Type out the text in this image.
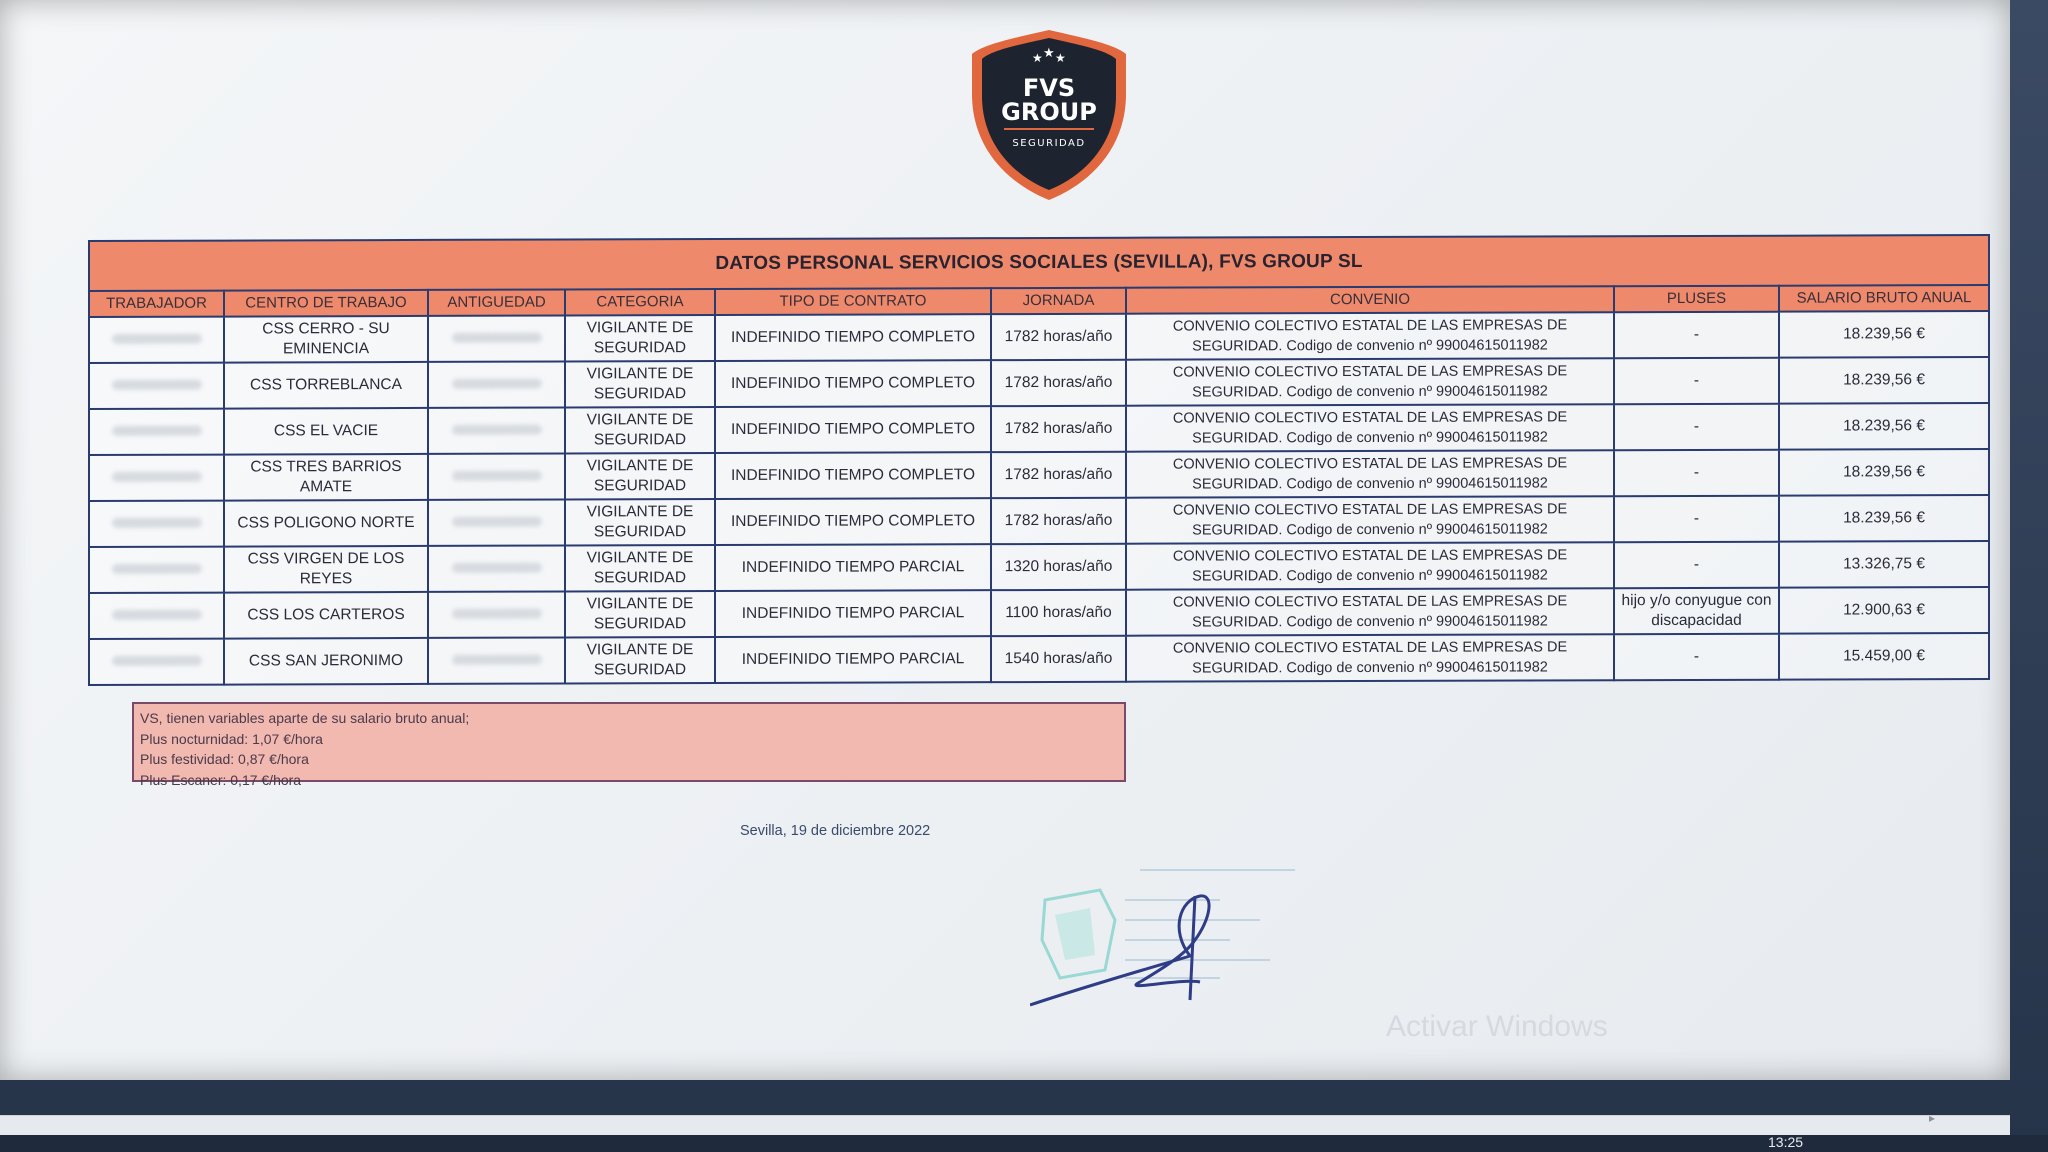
★ ★ ★
FVS
GROUP
SEGURIDAD
DATOS PERSONAL SERVICIOS SOCIALES (SEVILLA), FVS GROUP SL								
TRABAJADOR	CENTRO DE TRABAJO	ANTIGUEDAD	CATEGORIA	TIPO DE CONTRATO	JORNADA	CONVENIO	PLUSES	SALARIO BRUTO ANUAL
	CSS CERRO - SU EMINENCIA		VIGILANTE DE SEGURIDAD	INDEFINIDO TIEMPO COMPLETO	1782 horas/año	CONVENIO COLECTIVO ESTATAL DE LAS EMPRESAS DE SEGURIDAD. Codigo de convenio nº 99004615011982	-	18.239,56 €
	CSS TORREBLANCA		VIGILANTE DE SEGURIDAD	INDEFINIDO TIEMPO COMPLETO	1782 horas/año	CONVENIO COLECTIVO ESTATAL DE LAS EMPRESAS DE SEGURIDAD. Codigo de convenio nº 99004615011982	-	18.239,56 €
	CSS EL VACIE		VIGILANTE DE SEGURIDAD	INDEFINIDO TIEMPO COMPLETO	1782 horas/año	CONVENIO COLECTIVO ESTATAL DE LAS EMPRESAS DE SEGURIDAD. Codigo de convenio nº 99004615011982	-	18.239,56 €
	CSS TRES BARRIOS AMATE		VIGILANTE DE SEGURIDAD	INDEFINIDO TIEMPO COMPLETO	1782 horas/año	CONVENIO COLECTIVO ESTATAL DE LAS EMPRESAS DE SEGURIDAD. Codigo de convenio nº 99004615011982	-	18.239,56 €
	CSS POLIGONO NORTE		VIGILANTE DE SEGURIDAD	INDEFINIDO TIEMPO COMPLETO	1782 horas/año	CONVENIO COLECTIVO ESTATAL DE LAS EMPRESAS DE SEGURIDAD. Codigo de convenio nº 99004615011982	-	18.239,56 €
	CSS VIRGEN DE LOS REYES		VIGILANTE DE SEGURIDAD	INDEFINIDO TIEMPO PARCIAL	1320 horas/año	CONVENIO COLECTIVO ESTATAL DE LAS EMPRESAS DE SEGURIDAD. Codigo de convenio nº 99004615011982	-	13.326,75 €
	CSS LOS CARTEROS		VIGILANTE DE SEGURIDAD	INDEFINIDO TIEMPO PARCIAL	1100 horas/año	CONVENIO COLECTIVO ESTATAL DE LAS EMPRESAS DE SEGURIDAD. Codigo de convenio nº 99004615011982	hijo y/o conyugue con discapacidad	12.900,63 €
	CSS SAN JERONIMO		VIGILANTE DE SEGURIDAD	INDEFINIDO TIEMPO PARCIAL	1540 horas/año	CONVENIO COLECTIVO ESTATAL DE LAS EMPRESAS DE SEGURIDAD. Codigo de convenio nº 99004615011982	-	15.459,00 €
VS, tienen variables aparte de su salario bruto anual;
Plus nocturnidad: 1,07 €/hora
Plus festividad: 0,87 €/hora
Plus Escaner: 0,17 €/hora
Sevilla, 19 de diciembre 2022
Activar Windows
▸
13:25
